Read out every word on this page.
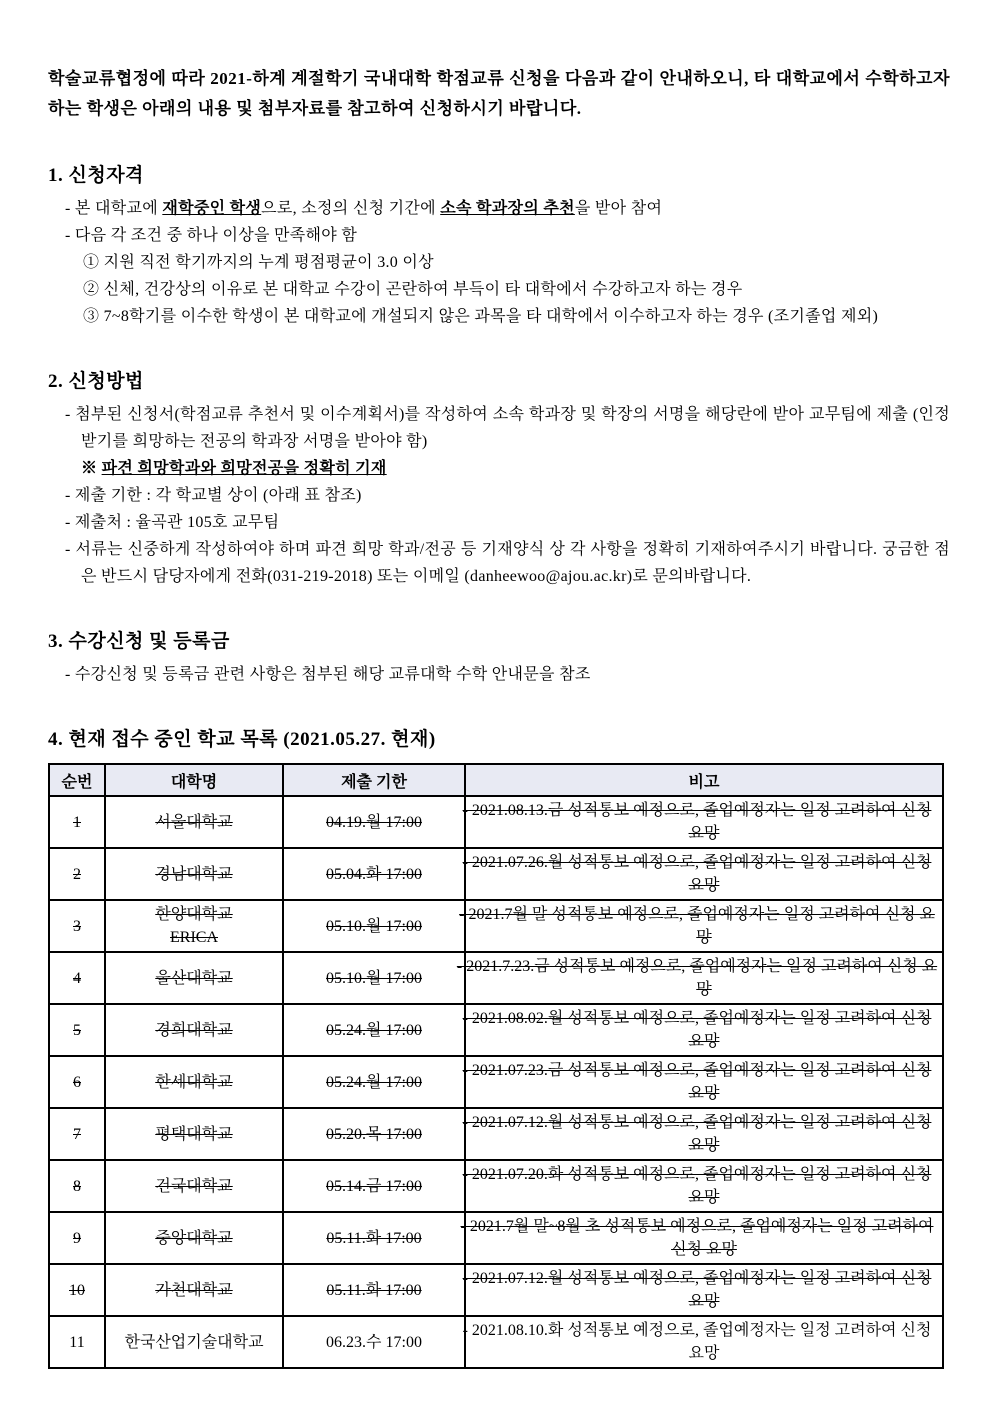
학술교류협정에 따라 2021-하계 계절학기 국내대학 학점교류 신청을 다음과 같이 안내하오니, 타 대학교에서 수학하고자 하는 학생은 아래의 내용 및 첨부자료를 참고하여 신청하시기 바랍니다.

1. 신청자격

- 본 대학교에 재학중인 학생으로, 소정의 신청 기간에 소속 학과장의 추천을 받아 참여

- 다음 각 조건 중 하나 이상을 만족해야 함

① 지원 직전 학기까지의 누계 평점평균이 3.0 이상

② 신체, 건강상의 이유로 본 대학교 수강이 곤란하여 부득이 타 대학에서 수강하고자 하는 경우

③ 7~8학기를 이수한 학생이 본 대학교에 개설되지 않은 과목을 타 대학에서 이수하고자 하는 경우 (조기졸업 제외)

2. 신청방법

- 첨부된 신청서(학점교류 추천서 및 이수계획서)를 작성하여 소속 학과장 및 학장의 서명을 해당란에 받아 교무팀에 제출 (인정받기를 희망하는 전공의 학과장 서명을 받아야 함)

※ 파견 희망학과와 희망전공을 정확히 기재

- 제출 기한 : 각 학교별 상이 (아래 표 참조)

- 제출처 : 율곡관 105호 교무팀

- 서류는 신중하게 작성하여야 하며 파견 희망 학과/전공 등 기재양식 상 각 사항을 정확히 기재하여주시기 바랍니다. 궁금한 점은 반드시 담당자에게 전화(031-219-2018) 또는 이메일 (danheewoo@ajou.ac.kr)로 문의바랍니다.

3. 수강신청 및 등록금

- 수강신청 및 등록금 관련 사항은 첨부된 해당 교류대학 수학 안내문을 참조

4. 현재 접수 중인 학교 목록 (2021.05.27. 현재)
순번	대학명	제출 기한	비고
1	서울대학교	04.19.월 17:00	- 2021.08.13.금 성적통보 예정으로, 졸업예정자는 일정 고려하여 신청 요망
2	경남대학교	05.04.화 17:00	- 2021.07.26.월 성적통보 예정으로, 졸업예정자는 일정 고려하여 신청 요망
3	한양대학교
ERICA	05.10.월 17:00	- 2021.7월 말 성적통보 예정으로, 졸업예정자는 일정 고려하여 신청 요망
4	울산대학교	05.10.월 17:00	- 2021.7.23.금 성적통보 예정으로, 졸업예정자는 일정 고려하여 신청 요망
5	경희대학교	05.24.월 17:00	- 2021.08.02.월 성적통보 예정으로, 졸업예정자는 일정 고려하여 신청 요망
6	한세대학교	05.24.월 17:00	- 2021.07.23.금 성적통보 예정으로, 졸업예정자는 일정 고려하여 신청 요망
7	평택대학교	05.20.목 17:00	- 2021.07.12.월 성적통보 예정으로, 졸업예정자는 일정 고려하여 신청 요망
8	건국대학교	05.14.금 17:00	- 2021.07.20.화 성적통보 예정으로, 졸업예정자는 일정 고려하여 신청 요망
9	중앙대학교	05.11.화 17:00	- 2021.7월 말~8월 초 성적통보 예정으로, 졸업예정자는 일정 고려하여 신청 요망
10	가천대학교	05.11.화 17:00	- 2021.07.12.월 성적통보 예정으로, 졸업예정자는 일정 고려하여 신청 요망
11	한국산업기술대학교	06.23.수 17:00	- 2021.08.10.화 성적통보 예정으로, 졸업예정자는 일정 고려하여 신청 요망
